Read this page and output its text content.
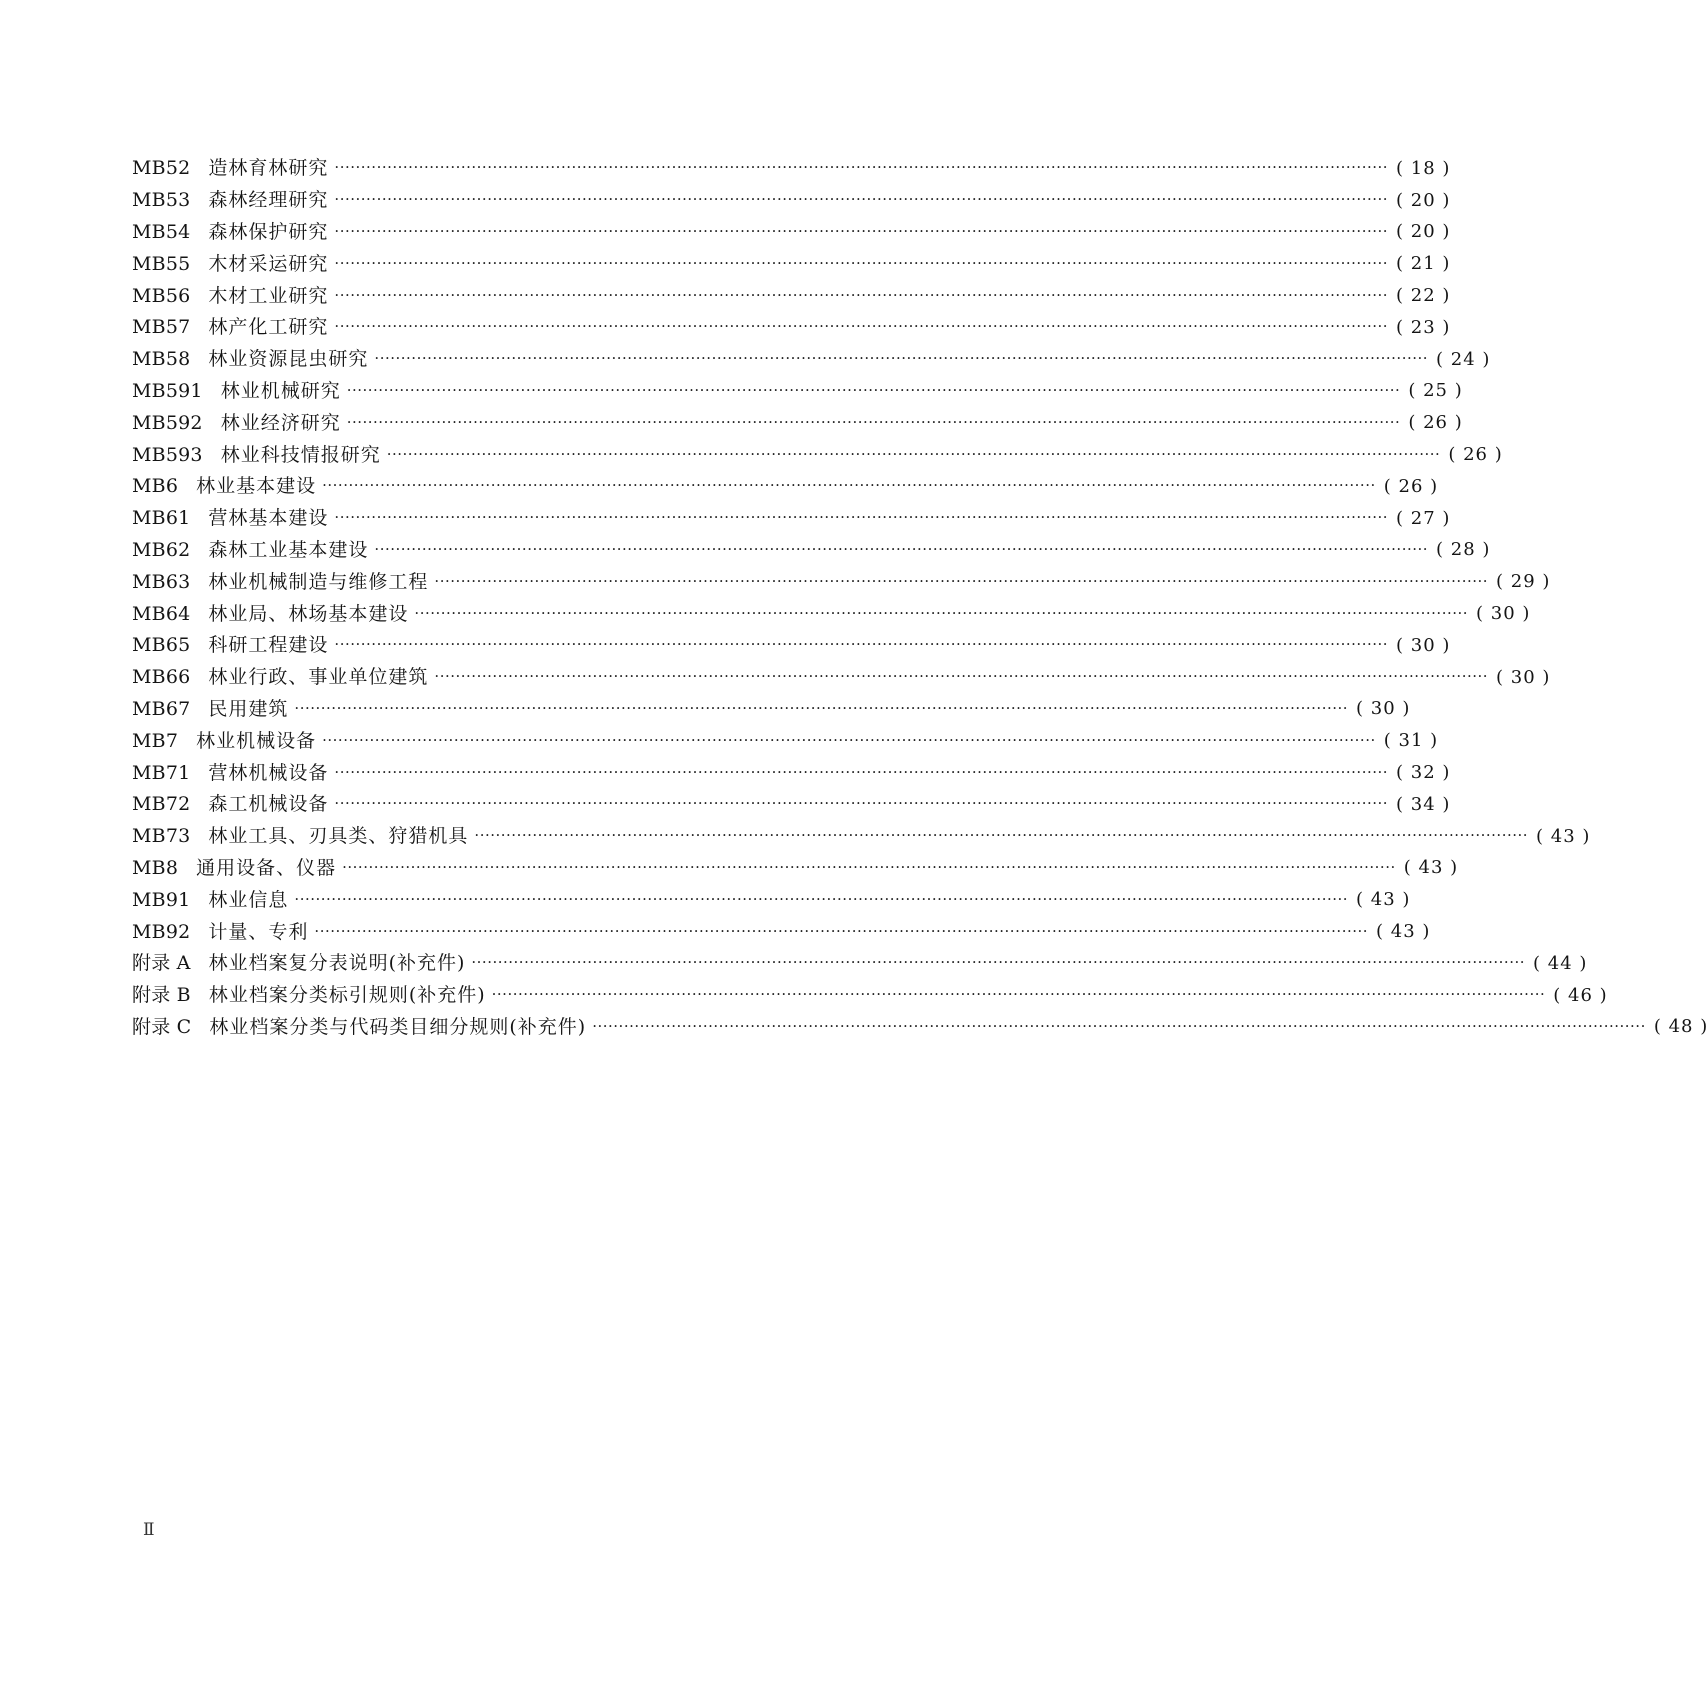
MB52 造林育林研究 ········································································································································································································ ( 18 )
MB53 森林经理研究 ········································································································································································································ ( 20 )
MB54 森林保护研究 ········································································································································································································ ( 20 )
MB55 木材采运研究 ········································································································································································································ ( 21 )
MB56 木材工业研究 ········································································································································································································ ( 22 )
MB57 林产化工研究 ········································································································································································································ ( 23 )
MB58 林业资源昆虫研究 ········································································································································································································ ( 24 )
MB591 林业机械研究 ········································································································································································································ ( 25 )
MB592 林业经济研究 ········································································································································································································ ( 26 )
MB593 林业科技情报研究 ········································································································································································································ ( 26 )
MB6 林业基本建设 ········································································································································································································ ( 26 )
MB61 营林基本建设 ········································································································································································································ ( 27 )
MB62 森林工业基本建设 ········································································································································································································ ( 28 )
MB63 林业机械制造与维修工程 ········································································································································································································ ( 29 )
MB64 林业局、林场基本建设 ········································································································································································································ ( 30 )
MB65 科研工程建设 ········································································································································································································ ( 30 )
MB66 林业行政、事业单位建筑 ········································································································································································································ ( 30 )
MB67 民用建筑 ········································································································································································································ ( 30 )
MB7 林业机械设备 ········································································································································································································ ( 31 )
MB71 营林机械设备 ········································································································································································································ ( 32 )
MB72 森工机械设备 ········································································································································································································ ( 34 )
MB73 林业工具、刃具类、狩猎机具 ········································································································································································································ ( 43 )
MB8 通用设备、仪器 ········································································································································································································ ( 43 )
MB91 林业信息 ········································································································································································································ ( 43 )
MB92 计量、专利 ········································································································································································································ ( 43 )
附录 A 林业档案复分表说明(补充件) ········································································································································································································ ( 44 )
附录 B 林业档案分类标引规则(补充件) ········································································································································································································ ( 46 )
附录 C 林业档案分类与代码类目细分规则(补充件) ········································································································································································································ ( 48 )
Ⅱ
